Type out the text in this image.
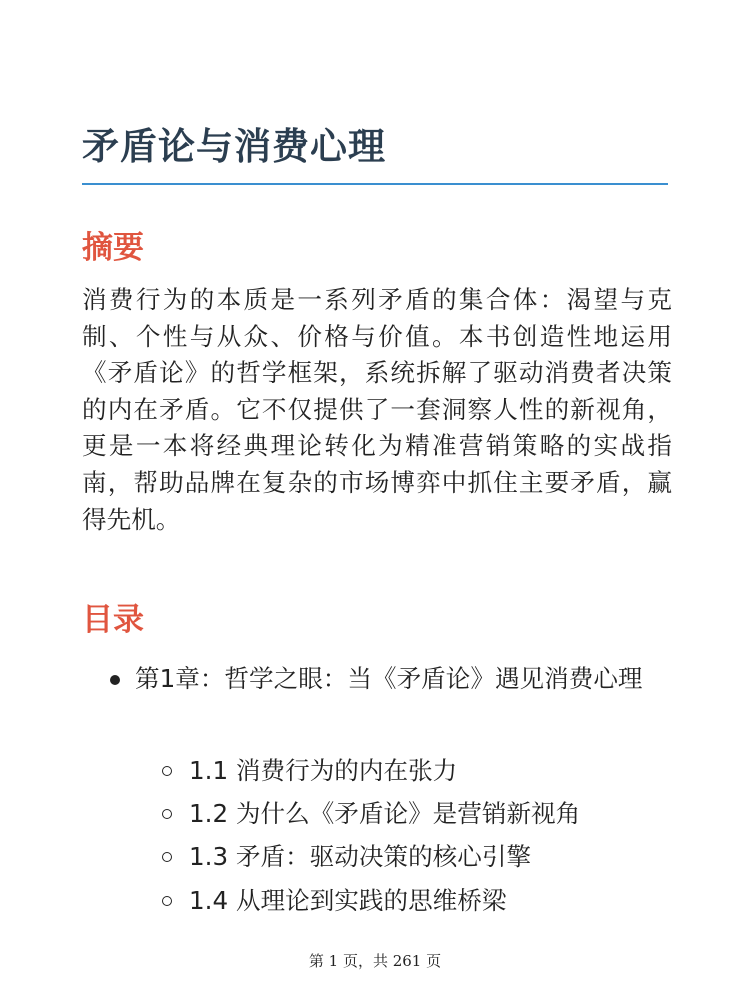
矛盾论与消费心理
摘要

消费行为的本质是一系列矛盾的集合体：渴望与克制、个性与从众、价格与价值。本书创造性地运用《矛盾论》的哲学框架，系统拆解了驱动消费者决策的内在矛盾。它不仅提供了一套洞察人性的新视角，更是一本将经典理论转化为精准营销策略的实战指南，帮助品牌在复杂的市场博弈中抓住主要矛盾，赢得先机。

目录

第1章：哲学之眼：当《矛盾论》遇见消费心理

1.1 消费行为的内在张力
1.2 为什么《矛盾论》是营销新视角
1.3 矛盾：驱动决策的核心引擎
1.4 从理论到实践的思维桥梁
第 1 页，共 261 页
